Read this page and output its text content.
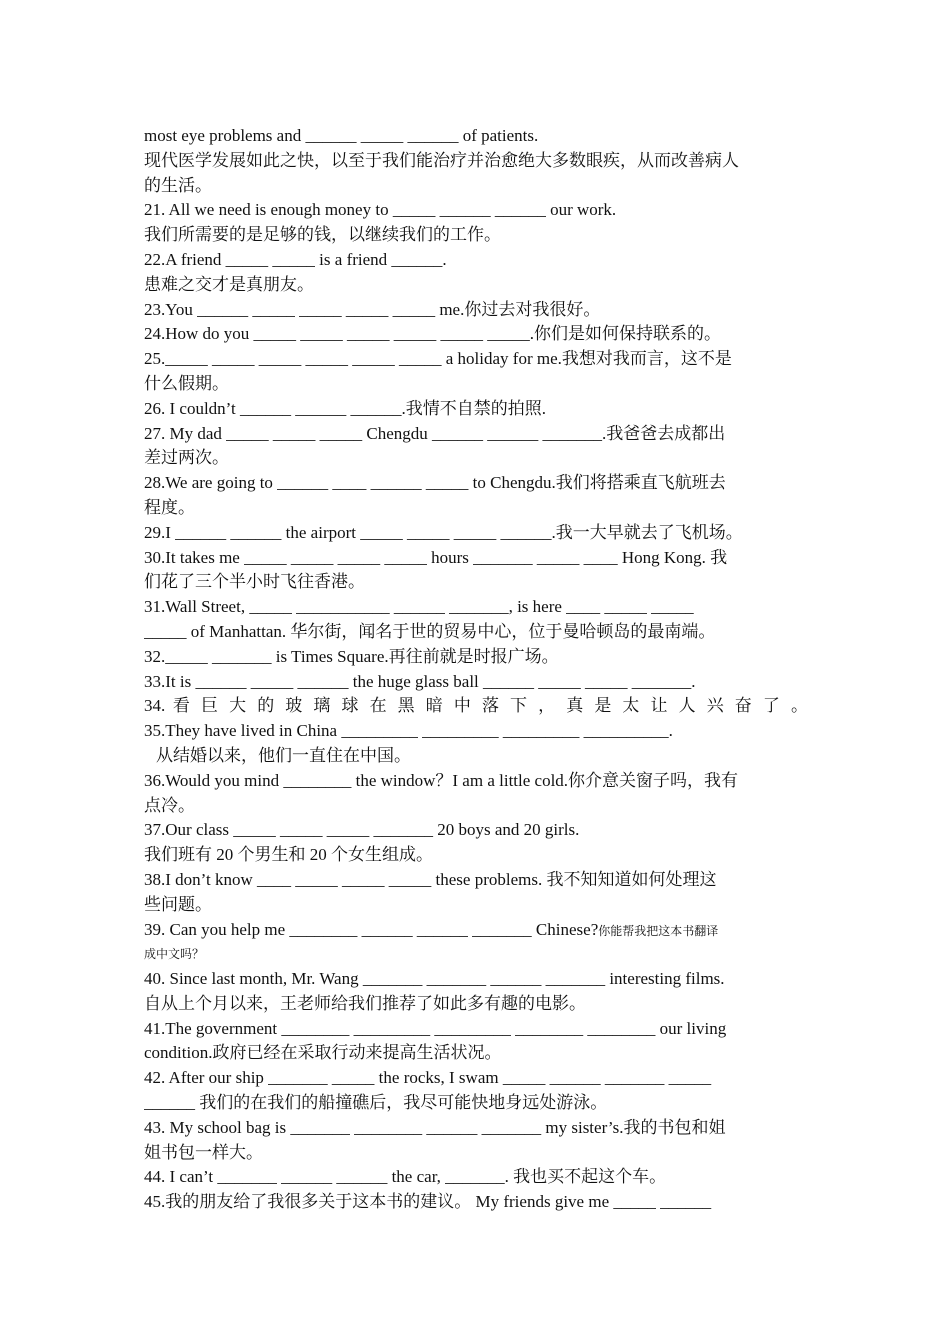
most eye problems and ______ _____ ______ of patients.
现代医学发展如此之快，以至于我们能治疗并治愈绝大多数眼疾，从而改善病人
的生活。
21. All we need is enough money to _____ ______ ______ our work.
我们所需要的是足够的钱，以继续我们的工作。
22.A friend _____ _____ is a friend ______.
患难之交才是真朋友。
23.You ______ _____ _____ _____ _____ me.你过去对我很好。
24.How do you _____ _____ _____ _____ _____ _____.你们是如何保持联系的。
25._____ _____ _____ _____ _____ _____ a holiday for me.我想对我而言，这不是
什么假期。
26. I couldn’t ______ ______ ______.我情不自禁的拍照.
27. My dad _____ _____ _____ Chengdu ______ ______ _______.我爸爸去成都出
差过两次。
28.We are going to ______ ____ ______ _____ to Chengdu.我们将搭乘直飞航班去
程度。
29.I ______ ______ the airport _____ _____ _____ ______.我一大早就去了飞机场。
30.It takes me _____ _____ _____ _____ hours _______ _____ ____ Hong Kong. 我
们花了三个半小时飞往香港。
31.Wall Street, _____ ___________ ______ _______, is here ____ _____ _____
_____ of Manhattan. 华尔街，闻名于世的贸易中心，位于曼哈顿岛的最南端。
32._____ _______ is Times Square.再往前就是时报广场。
33.It is ______ _____ ______ the huge glass ball ______ _____ _____ _______.
34. 看 巨 大 的 玻 璃 球 在 黑 暗 中 落 下 ， 真 是 太 让 人 兴 奋 了 。
35.They have lived in China _________ _________ _________ __________.
从结婚以来，他们一直住在中国。
36.Would you mind ________ the window？I am a little cold.你介意关窗子吗，我有
点冷。
37.Our class _____ _____ _____ _______ 20 boys and 20 girls.
我们班有 20 个男生和 20 个女生组成。
38.I don’t know ____ _____ _____ _____ these problems. 我不知知道如何处理这
些问题。
39. Can you help me ________ ______ ______ _______ Chinese?你能帮我把这本书翻译
成中文吗？
40. Since last month, Mr. Wang _______ _______ ______ _______ interesting films.
自从上个月以来，王老师给我们推荐了如此多有趣的电影。
41.The government ________ _________ _________ ________ ________ our living
condition.政府已经在采取行动来提高生活状况。
42. After our ship _______ _____ the rocks, I swam _____ ______ _______ _____
______ 我们的在我们的船撞礁后，我尽可能快地身远处游泳。
43. My school bag is _______ ________ ______ _______ my sister’s.我的书包和姐
姐书包一样大。
44. I can’t _______ ______ ______ the car, _______. 我也买不起这个车。
45.我的朋友给了我很多关于这本书的建议。 My friends give me _____ ______
